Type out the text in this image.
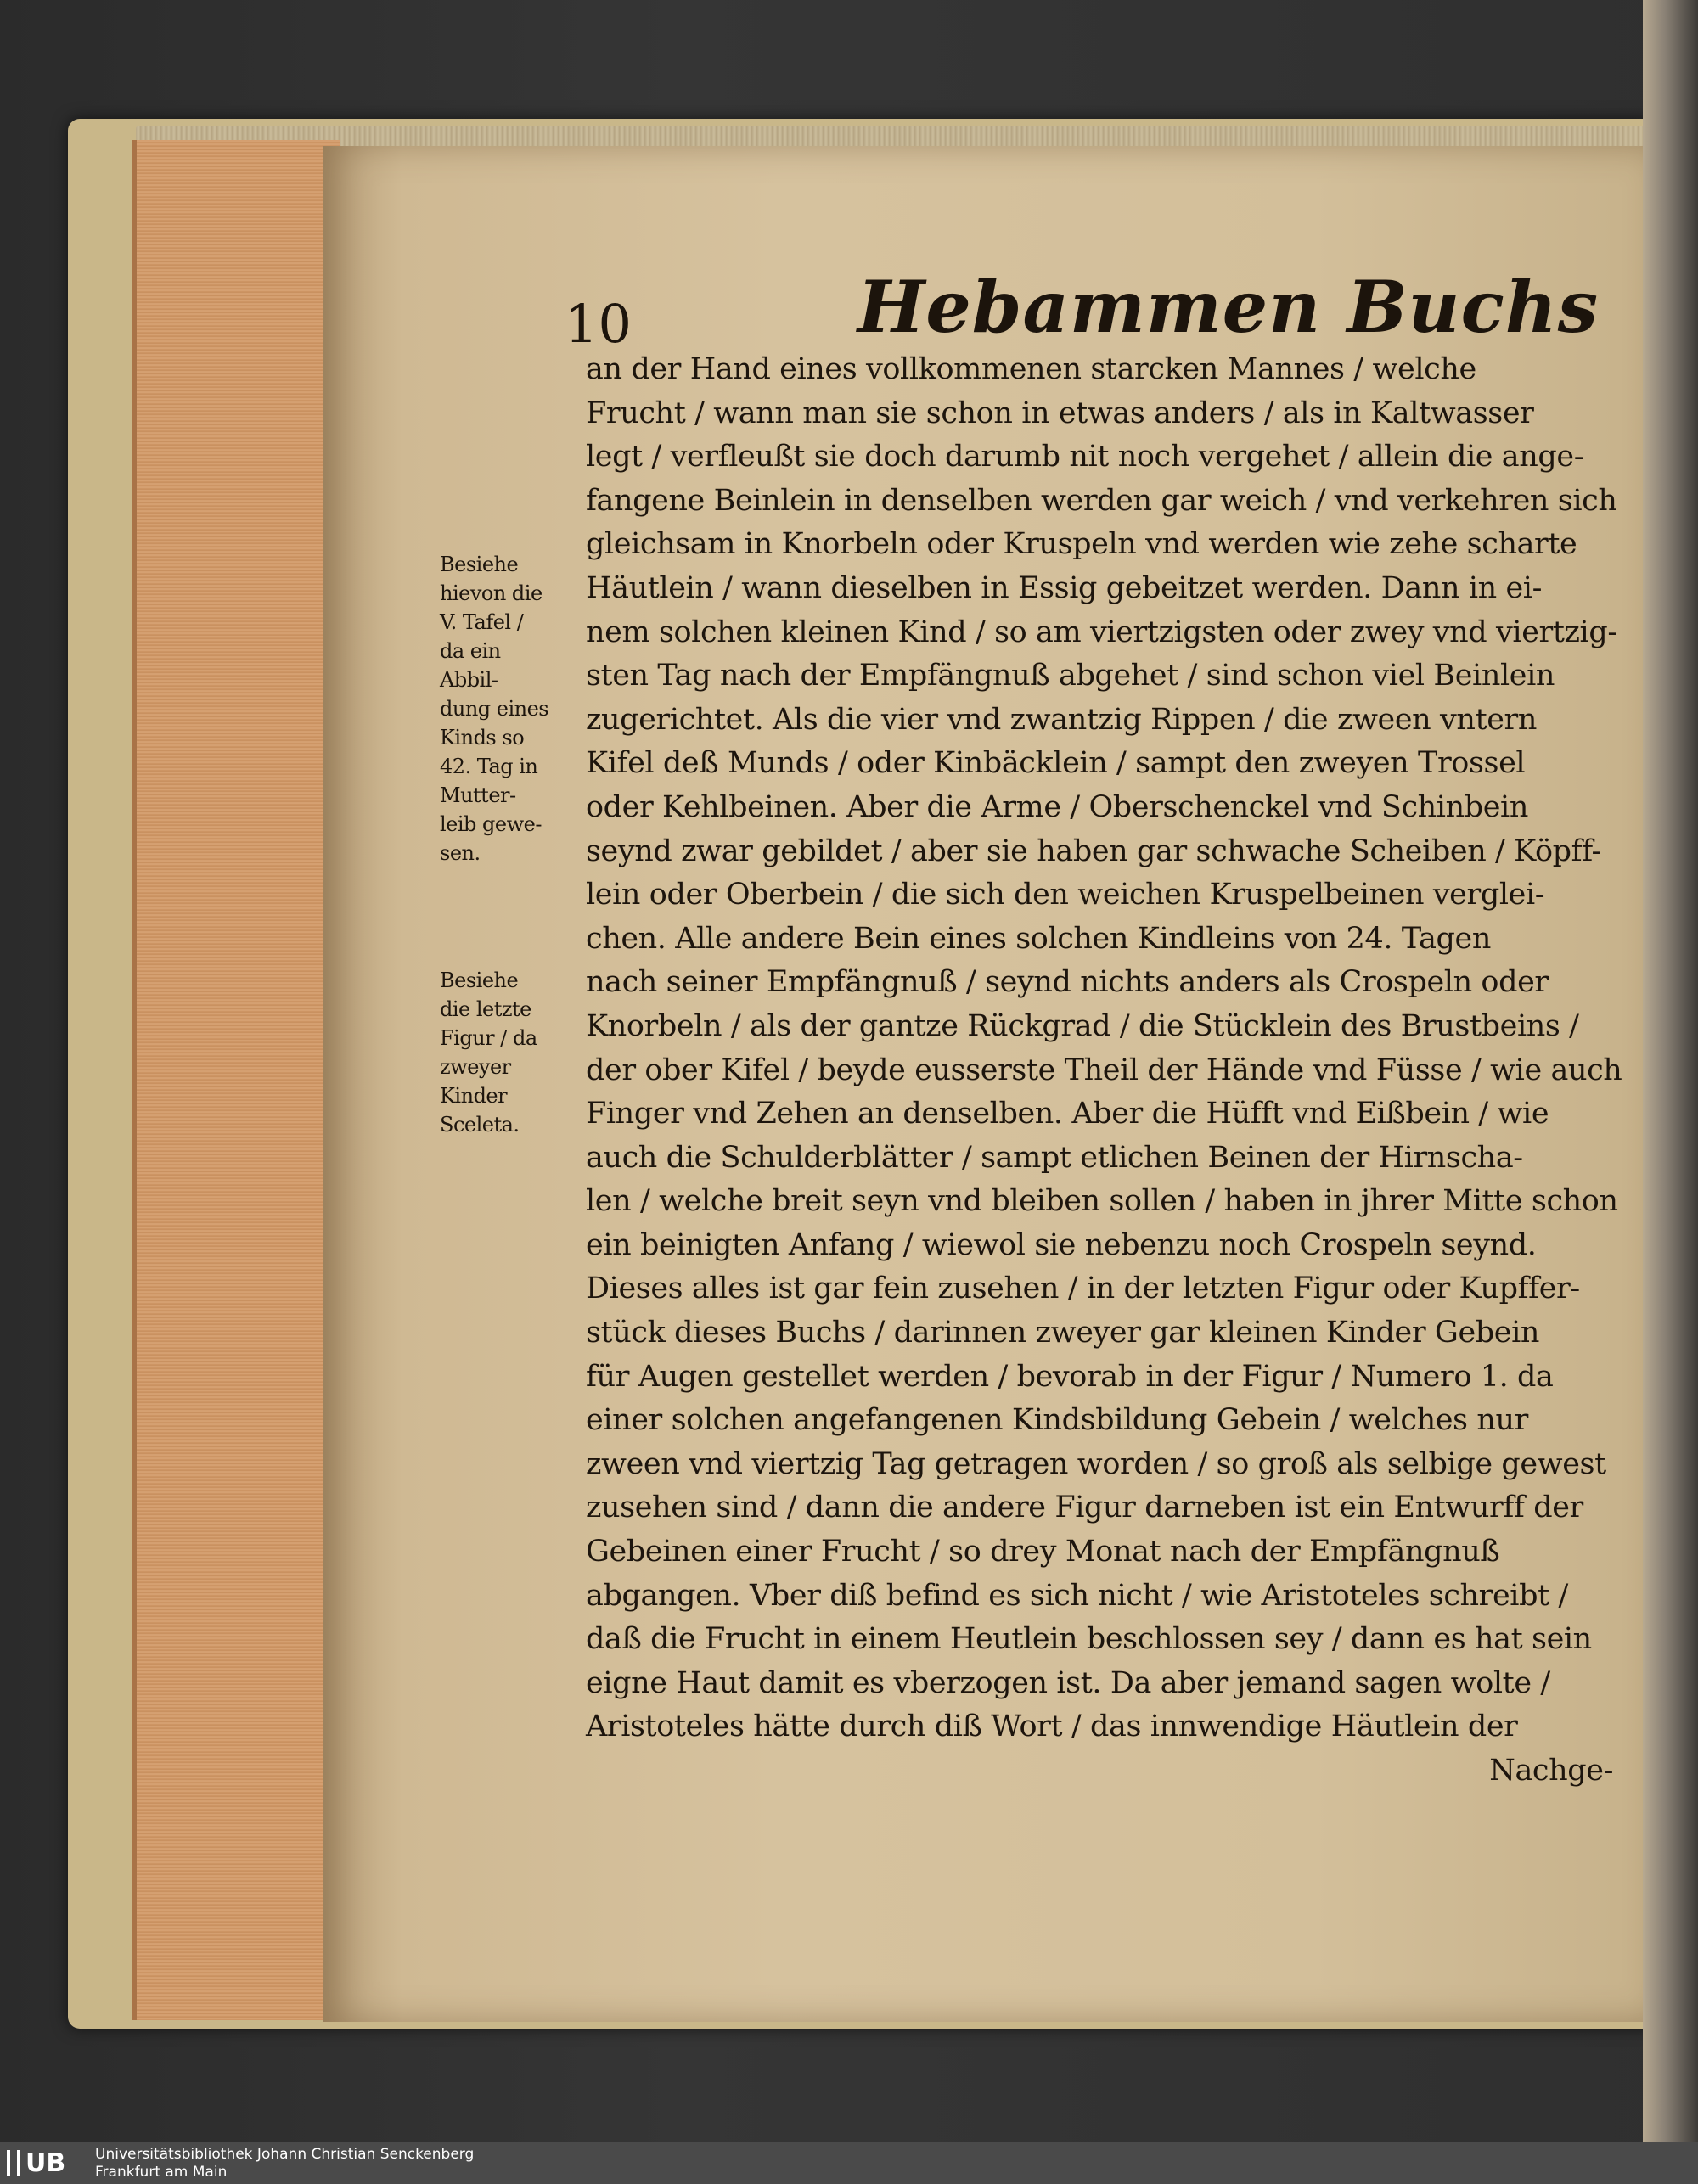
10	Hebammen Buchs
an der Hand eines vollkommenen starcken Mannes / welche
Frucht / wann man sie schon in etwas anders / als in Kaltwasser
legt / verfleußt sie doch darumb nit noch vergehet / allein die ange-
fangene Beinlein in denselben werden gar weich / vnd verkehren sich
gleichsam in Knorbeln oder Kruspeln vnd werden wie zehe scharte
Häutlein / wann dieselben in Essig gebeitzet werden. Dann in ei-
nem solchen kleinen Kind / so am viertzigsten oder zwey vnd viertzig-
sten Tag nach der Empfängnuß abgehet / sind schon viel Beinlein
zugerichtet. Als die vier vnd zwantzig Rippen / die zween vntern
Kifel deß Munds / oder Kinbäcklein / sampt den zweyen Trossel
oder Kehlbeinen. Aber die Arme / Oberschenckel vnd Schinbein
seynd zwar gebildet / aber sie haben gar schwache Scheiben / Köpff-
lein oder Oberbein / die sich den weichen Kruspelbeinen verglei-
chen. Alle andere Bein eines solchen Kindleins von 24. Tagen
nach seiner Empfängnuß / seynd nichts anders als Crospeln oder
Knorbeln / als der gantze Rückgrad / die Stücklein des Brustbeins /
der ober Kifel / beyde eusserste Theil der Hände vnd Füsse / wie auch
Finger vnd Zehen an denselben. Aber die Hüfft vnd Eißbein / wie
auch die Schulderblätter / sampt etlichen Beinen der Hirnscha-
len / welche breit seyn vnd bleiben sollen / haben in jhrer Mitte schon
ein beinigten Anfang / wiewol sie nebenzu noch Crospeln seynd.
Dieses alles ist gar fein zusehen / in der letzten Figur oder Kupffer-
stück dieses Buchs / darinnen zweyer gar kleinen Kinder Gebein
für Augen gestellet werden / bevorab in der Figur / Numero 1. da
einer solchen angefangenen Kindsbildung Gebein / welches nur
zween vnd viertzig Tag getragen worden / so groß als selbige gewest
zusehen sind / dann die andere Figur darneben ist ein Entwurff der
Gebeinen einer Frucht / so drey Monat nach der Empfängnuß
abgangen. Vber diß befind es sich nicht / wie Aristoteles schreibt /
daß die Frucht in einem Heutlein beschlossen sey / dann es hat sein
eigne Haut damit es vberzogen ist. Da aber jemand sagen wolte /
Aristoteles hätte durch diß Wort / das innwendige Häutlein der
Nachge-
Besiehe
hievon die
V. Tafel /
da ein
Abbil-
dung eines
Kinds so
42. Tag in
Mutter-
leib gewe-
sen.
Besiehe
die letzte
Figur / da
zweyer
Kinder
Sceleta.
UB Universitätsbibliothek Johann Christian Senckenberg
Frankfurt am Main
